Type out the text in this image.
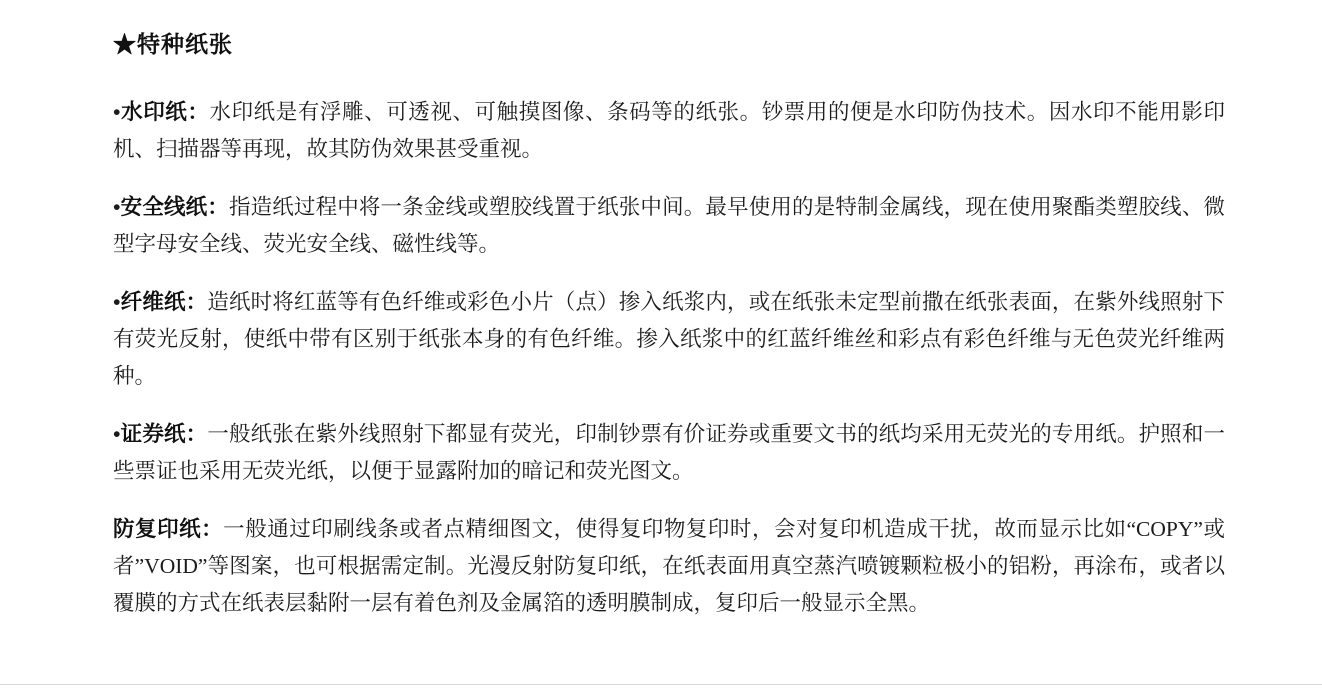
★特种纸张

•水印纸：水印纸是有浮雕、可透视、可触摸图像、条码等的纸张。钞票用的便是水印防伪技术。因水印不能用影印机、扫描器等再现，故其防伪效果甚受重视。

•安全线纸：指造纸过程中将一条金线或塑胶线置于纸张中间。最早使用的是特制金属线，现在使用聚酯类塑胶线、微型字母安全线、荧光安全线、磁性线等。

•纤维纸：造纸时将红蓝等有色纤维或彩色小片（点）掺入纸浆内，或在纸张未定型前撒在纸张表面，在紫外线照射下有荧光反射，使纸中带有区别于纸张本身的有色纤维。掺入纸浆中的红蓝纤维丝和彩点有彩色纤维与无色荧光纤维两种。

•证券纸：一般纸张在紫外线照射下都显有荧光，印制钞票有价证券或重要文书的纸均采用无荧光的专用纸。护照和一些票证也采用无荧光纸，以便于显露附加的暗记和荧光图文。

防复印纸：一般通过印刷线条或者点精细图文，使得复印物复印时，会对复印机造成干扰，故而显示比如“COPY”或者”VOID”等图案，也可根据需定制。光漫反射防复印纸，在纸表面用真空蒸汽喷镀颗粒极小的铝粉，再涂布，或者以覆膜的方式在纸表层黏附一层有着色剂及金属箔的透明膜制成，复印后一般显示全黑。
